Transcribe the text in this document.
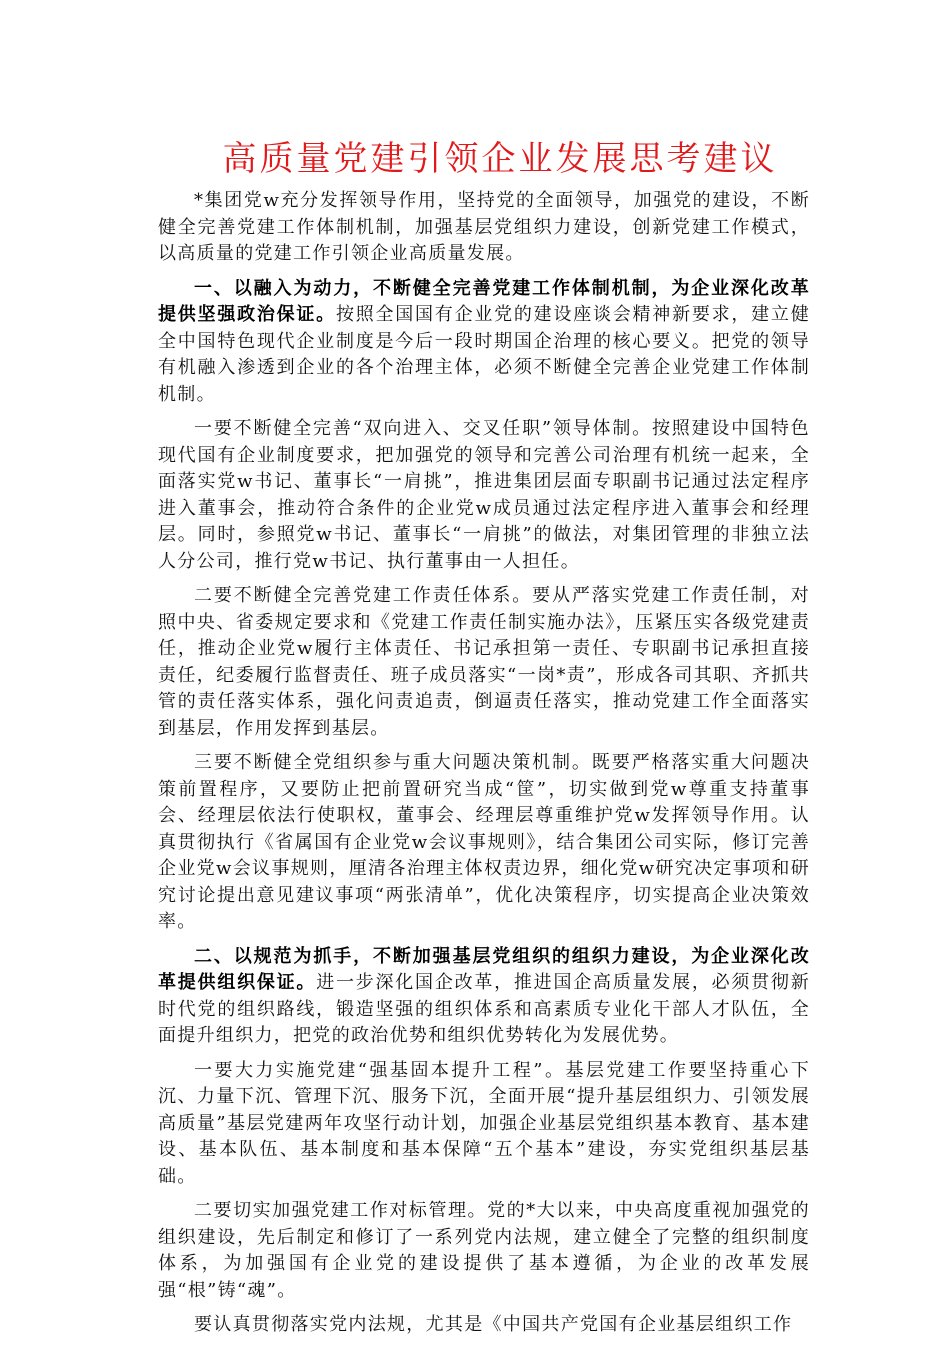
高质量党建引领企业发展思考建议

*集团党w充分发挥领导作用，坚持党的全面领导，加强党的建设，不断健全完善党建工作体制机制，加强基层党组织力建设，创新党建工作模式，以高质量的党建工作引领企业高质量发展。

一、以融入为动力，不断健全完善党建工作体制机制，为企业深化改革提供坚强政治保证。按照全国国有企业党的建设座谈会精神新要求，建立健全中国特色现代企业制度是今后一段时期国企治理的核心要义。把党的领导有机融入渗透到企业的各个治理主体，必须不断健全完善企业党建工作体制机制。

一要不断健全完善“双向进入、交叉任职”领导体制。按照建设中国特色现代国有企业制度要求，把加强党的领导和完善公司治理有机统一起来，全面落实党w书记、董事长“一肩挑”，推进集团层面专职副书记通过法定程序进入董事会，推动符合条件的企业党w成员通过法定程序进入董事会和经理层。同时，参照党w书记、董事长“一肩挑”的做法，对集团管理的非独立法人分公司，推行党w书记、执行董事由一人担任。

二要不断健全完善党建工作责任体系。要从严落实党建工作责任制，对照中央、省委规定要求和《党建工作责任制实施办法》，压紧压实各级党建责任，推动企业党w履行主体责任、书记承担第一责任、专职副书记承担直接责任，纪委履行监督责任、班子成员落实“一岗*责”，形成各司其职、齐抓共管的责任落实体系，强化问责追责，倒逼责任落实，推动党建工作全面落实到基层，作用发挥到基层。

三要不断健全党组织参与重大问题决策机制。既要严格落实重大问题决策前置程序，又要防止把前置研究当成“筐”，切实做到党w尊重支持董事会、经理层依法行使职权，董事会、经理层尊重维护党w发挥领导作用。认真贯彻执行《省属国有企业党w会议事规则》，结合集团公司实际，修订完善企业党w会议事规则，厘清各治理主体权责边界，细化党w研究决定事项和研究讨论提出意见建议事项“两张清单”，优化决策程序，切实提高企业决策效率。

二、以规范为抓手，不断加强基层党组织的组织力建设，为企业深化改革提供组织保证。进一步深化国企改革，推进国企高质量发展，必须贯彻新时代党的组织路线，锻造坚强的组织体系和高素质专业化干部人才队伍，全面提升组织力，把党的政治优势和组织优势转化为发展优势。

一要大力实施党建“强基固本提升工程”。基层党建工作要坚持重心下沉、力量下沉、管理下沉、服务下沉，全面开展“提升基层组织力、引领发展高质量”基层党建两年攻坚行动计划，加强企业基层党组织基本教育、基本建设、基本队伍、基本制度和基本保障“五个基本”建设，夯实党组织基层基础。

二要切实加强党建工作对标管理。党的*大以来，中央高度重视加强党的组织建设，先后制定和修订了一系列党内法规，建立健全了完整的组织制度体系，为加强国有企业党的建设提供了基本遵循，为企业的改革发展强“根”铸“魂”。

要认真贯彻落实党内法规，尤其是《中国共产党国有企业基层组织工作
